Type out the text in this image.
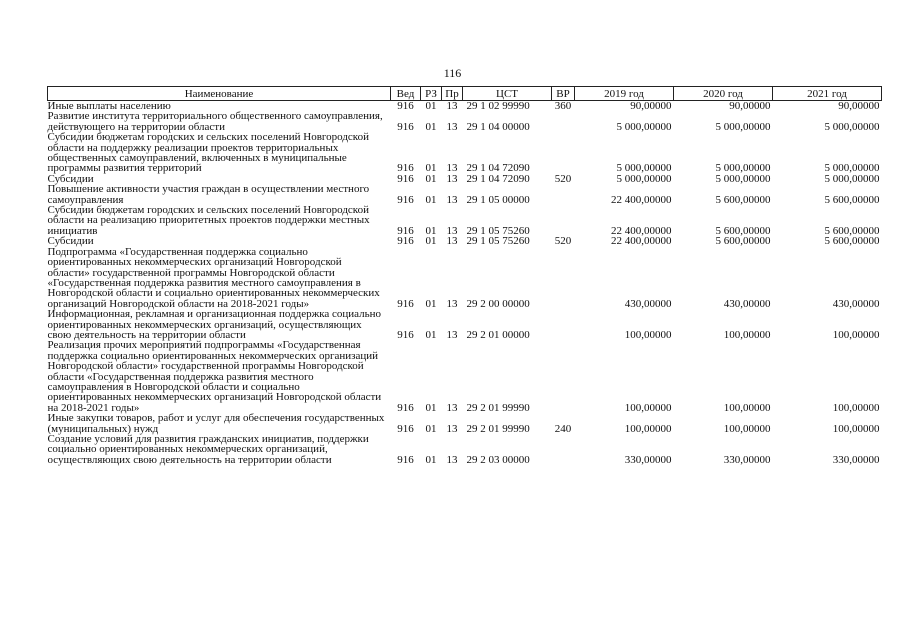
116
Наименование	Вед	РЗ	Пр	ЦСТ	ВР	2019 год	2020 год	2021 год
Иные выплаты населению	916	01	13	29 1 02 99990	360	90,00000	90,00000	90,00000
Развитие института территориального общественного самоуправления, действующего на территории области	916	01	13	29 1 04 00000		5 000,00000	5 000,00000	5 000,00000
Субсидии бюджетам городских и сельских поселений Новгородской области на поддержку реализации проектов территориальных общественных самоуправлений, включенных в муниципальные программы развития территорий	916	01	13	29 1 04 72090		5 000,00000	5 000,00000	5 000,00000
Субсидии	916	01	13	29 1 04 72090	520	5 000,00000	5 000,00000	5 000,00000
Повышение активности участия граждан в осуществлении местного самоуправления	916	01	13	29 1 05 00000		22 400,00000	5 600,00000	5 600,00000
Субсидии бюджетам городских и сельских поселений Новгородской области на реализацию приоритетных проектов поддержки местных инициатив	916	01	13	29 1 05 75260		22 400,00000	5 600,00000	5 600,00000
Субсидии	916	01	13	29 1 05 75260	520	22 400,00000	5 600,00000	5 600,00000
Подпрограмма «Государственная поддержка социально ориентированных некоммерческих организаций Новгородской области» государственной программы Новгородской области «Государственная поддержка развития местного самоуправления в Новгородской области и социально ориентированных некоммерческих организаций Новгородской области на 2018-2021 годы»	916	01	13	29 2 00 00000		430,00000	430,00000	430,00000
Информационная, рекламная и организационная поддержка социально ориентированных некоммерческих организаций, осуществляющих свою деятельность на территории области	916	01	13	29 2 01 00000		100,00000	100,00000	100,00000
Реализация прочих мероприятий подпрограммы «Государственная поддержка социально ориентированных некоммерческих организаций Новгородской области» государственной программы Новгородской области «Государственная поддержка развития местного самоуправления в Новгородской области и социально ориентированных некоммерческих организаций Новгородской области на 2018-2021 годы»	916	01	13	29 2 01 99990		100,00000	100,00000	100,00000
Иные закупки товаров, работ и услуг для обеспечения государственных (муниципальных) нужд	916	01	13	29 2 01 99990	240	100,00000	100,00000	100,00000
Создание условий для развития гражданских инициатив, поддержки социально ориентированных некоммерческих организаций, осуществляющих свою деятельность на территории области	916	01	13	29 2 03 00000		330,00000	330,00000	330,00000
